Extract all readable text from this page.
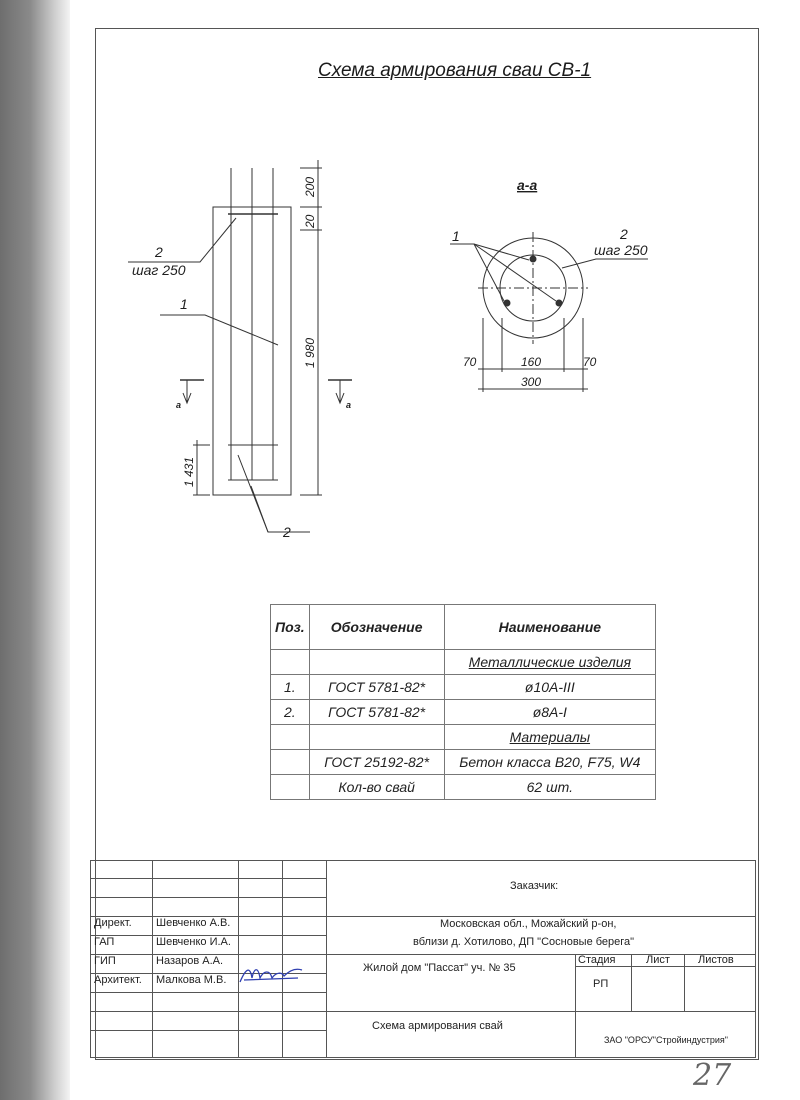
Схема армирования сваи СВ-1
а-а
2
шаг 250
1
2
а	а
200
20
1 980
1 431
1	2
шаг 250
70	160	70
300
Поз.	Обозначение	Наименование
		Металлические изделия
1.	ГОСТ 5781-82*	ø10А-III
2.	ГОСТ 5781-82*	ø8А-I
		Материалы
	ГОСТ 25192-82*	Бетон класса В20, F75, W4
	Кол-во свай	62 шт.
Заказчик:
Московская обл., Можайский р-он,
вблизи д. Хотилово, ДП "Сосновые берега"
Жилой дом "Пассат" уч. № 35
Стадия	Лист	Листов
РП
Схема армирования свай
ЗАО "ОРСУ"Стройиндустрия"
Директ. Шевченко А.В.
ГАП	Шевченко И.А.
ГИП	Назаров А.А.
Архитект. Малкова М.В.
27
